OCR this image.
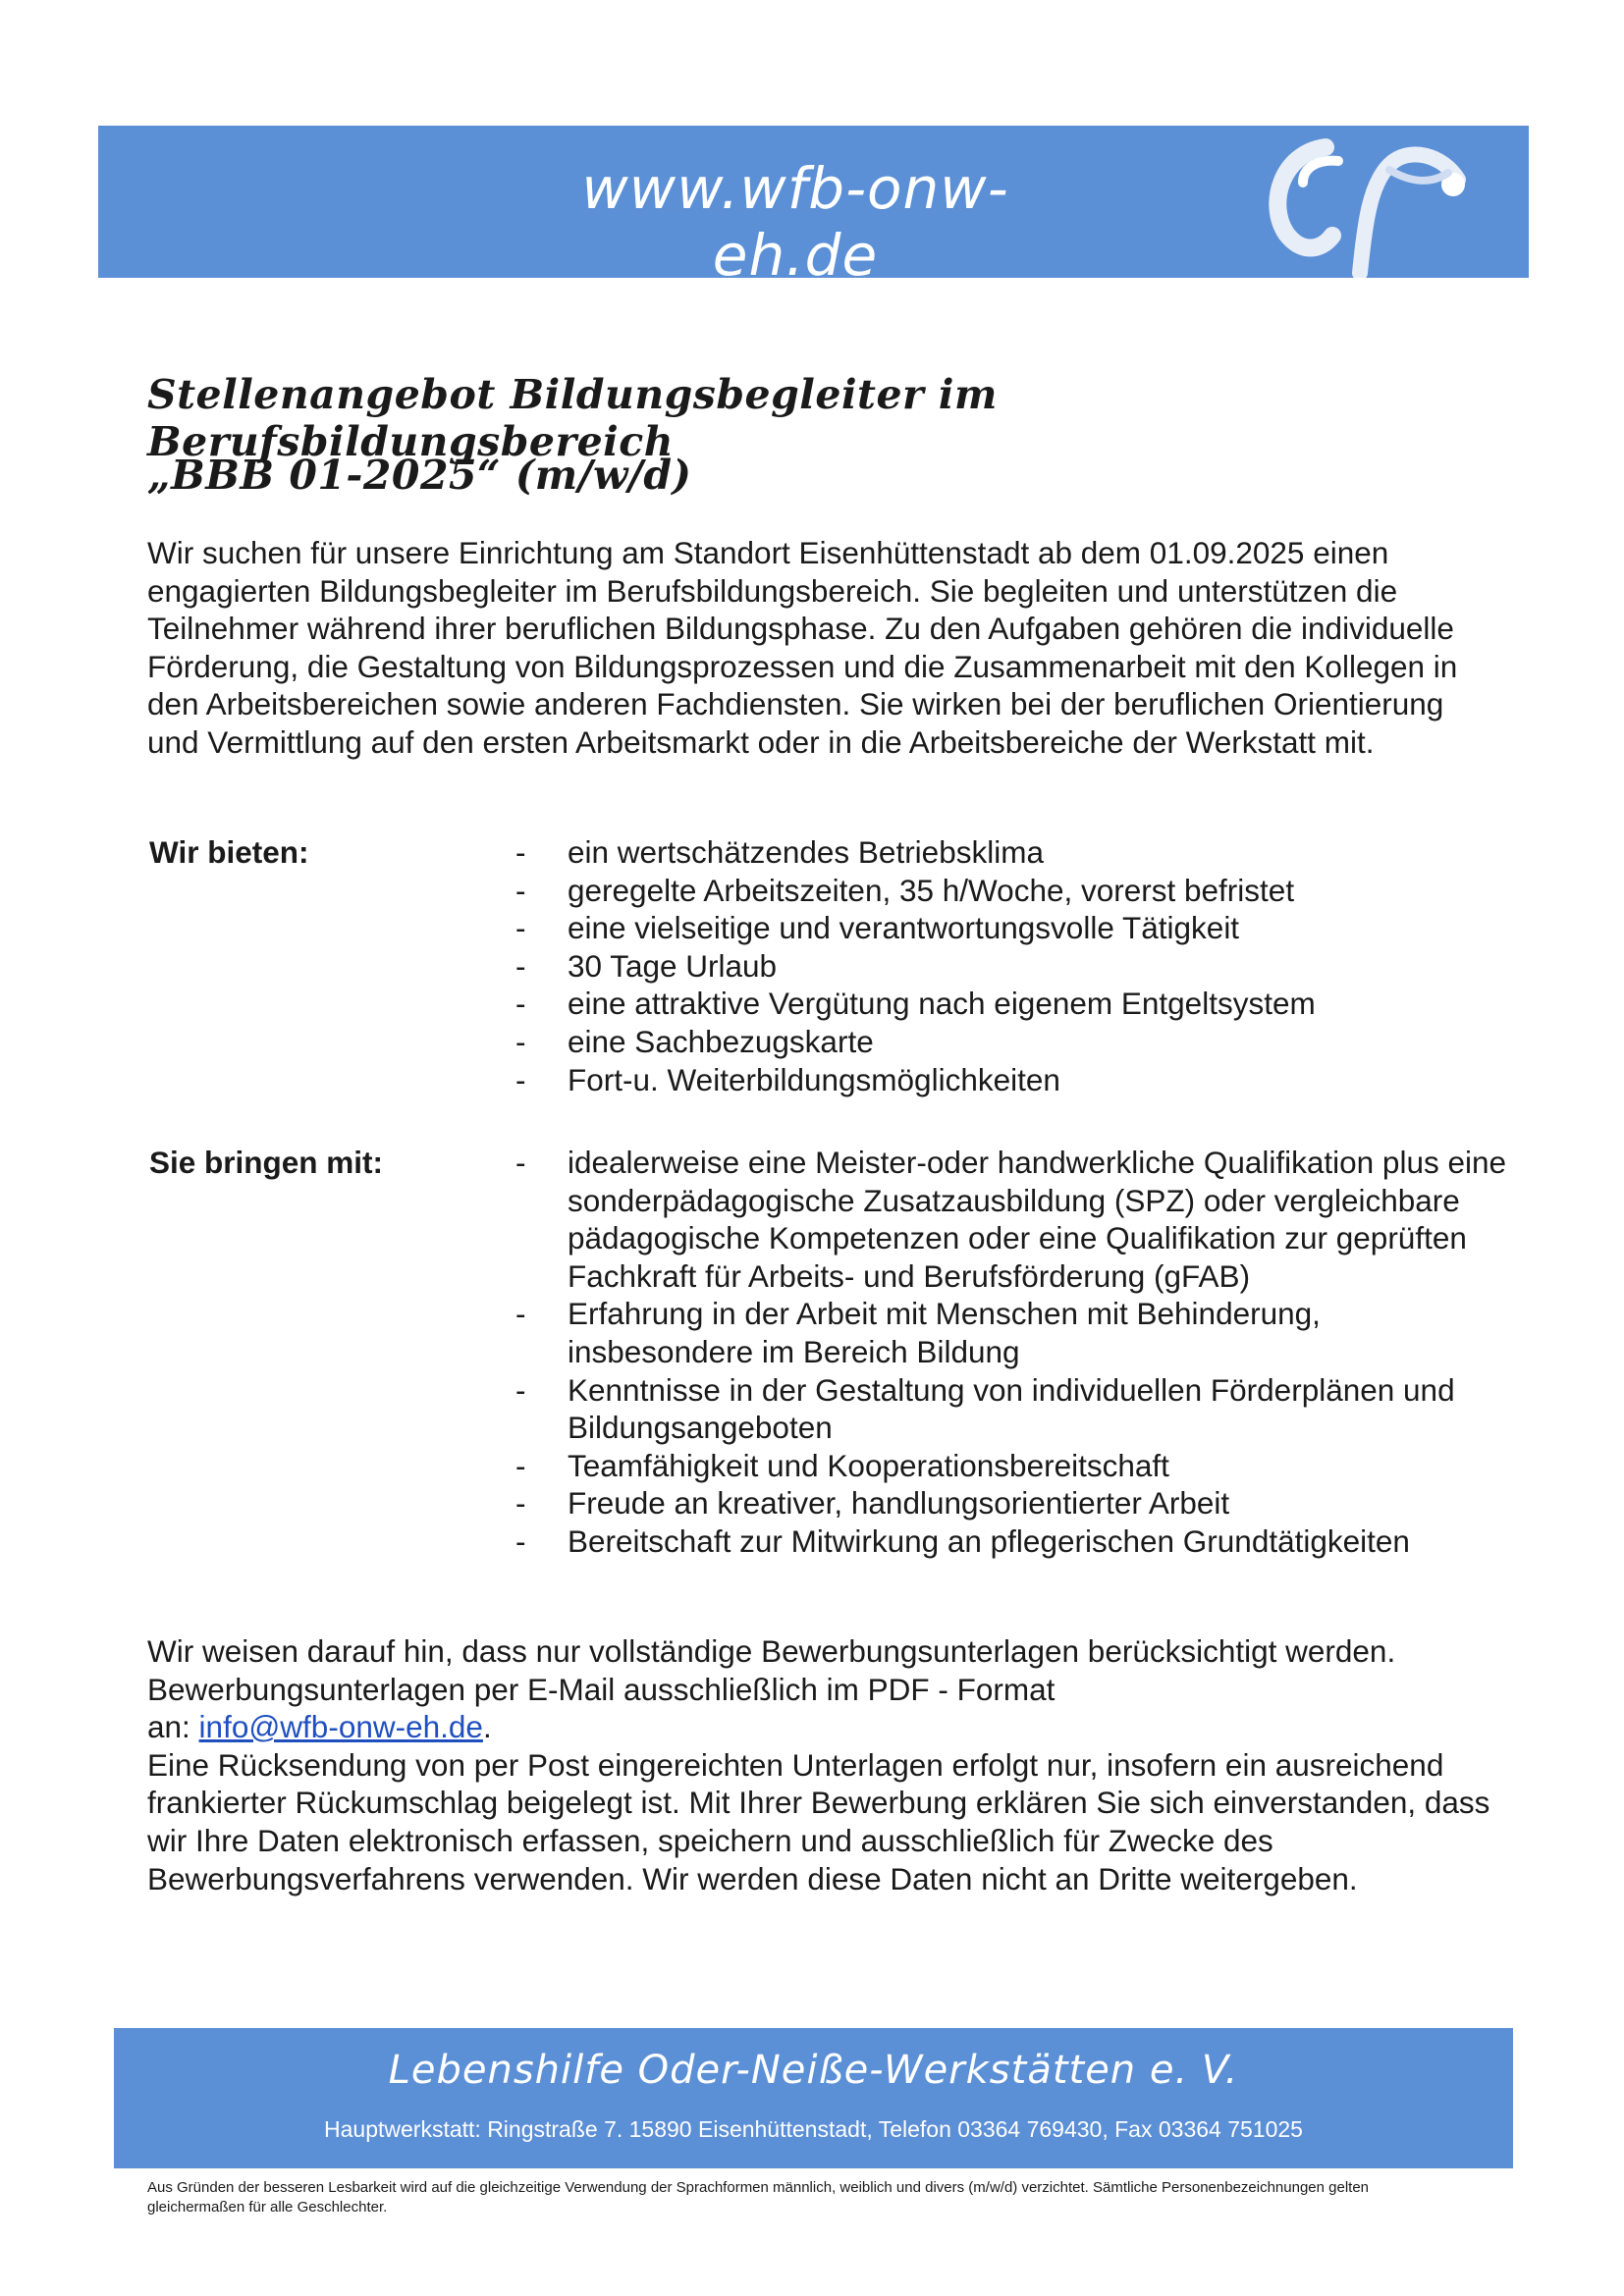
www.wfb-onw-eh.de
Stellenangebot Bildungsbegleiter im Berufsbildungsbereich
„BBB 01-2025“ (m/w/d)
Wir suchen für unsere Einrichtung am Standort Eisenhüttenstadt ab dem 01.09.2025 einen engagierten Bildungsbegleiter im Berufsbildungsbereich. Sie begleiten und unterstützen die Teilnehmer während ihrer beruflichen Bildungsphase. Zu den Aufgaben gehören die individuelle Förderung, die Gestaltung von Bildungsprozessen und die Zusammenarbeit mit den Kollegen in den Arbeitsbereichen sowie anderen Fachdiensten. Sie wirken bei der beruflichen Orientierung und Vermittlung auf den ersten Arbeitsmarkt oder in die Arbeitsbereiche der Werkstatt mit.
Wir bieten:	- ein wertschätzendes Betriebsklima
- geregelte Arbeitszeiten, 35 h/Woche, vorerst befristet
- eine vielseitige und verantwortungsvolle Tätigkeit
- 30 Tage Urlaub
- eine attraktive Vergütung nach eigenem Entgeltsystem
- eine Sachbezugskarte
- Fort-u. Weiterbildungsmöglichkeiten
Sie bringen mit:	- idealerweise eine Meister-oder handwerkliche Qualifikation plus eine sonderpädagogische Zusatzausbildung (SPZ) oder vergleichbare pädagogische Kompetenzen oder eine Qualifikation zur geprüften Fachkraft für Arbeits- und Berufsförderung (gFAB)
- Erfahrung in der Arbeit mit Menschen mit Behinderung, insbesondere im Bereich Bildung
- Kenntnisse in der Gestaltung von individuellen Förderplänen und Bildungsangeboten
- Teamfähigkeit und Kooperationsbereitschaft
- Freude an kreativer, handlungsorientierter Arbeit
- Bereitschaft zur Mitwirkung an pflegerischen Grundtätigkeiten
Wir weisen darauf hin, dass nur vollständige Bewerbungsunterlagen berücksichtigt werden. Bewerbungsunterlagen per E-Mail ausschließlich im PDF - Format
an: info@wfb-onw-eh.de.
Eine Rücksendung von per Post eingereichten Unterlagen erfolgt nur, insofern ein ausreichend frankierter Rückumschlag beigelegt ist. Mit Ihrer Bewerbung erklären Sie sich einverstanden, dass wir Ihre Daten elektronisch erfassen, speichern und ausschließlich für Zwecke des Bewerbungsverfahrens verwenden. Wir werden diese Daten nicht an Dritte weitergeben.
Lebenshilfe Oder-Neiße-Werkstätten e. V.
Hauptwerkstatt: Ringstraße 7. 15890 Eisenhüttenstadt, Telefon 03364 769430, Fax 03364 751025
Aus Gründen der besseren Lesbarkeit wird auf die gleichzeitige Verwendung der Sprachformen männlich, weiblich und divers (m/w/d) verzichtet. Sämtliche Personenbezeichnungen gelten gleichermaßen für alle Geschlechter.
